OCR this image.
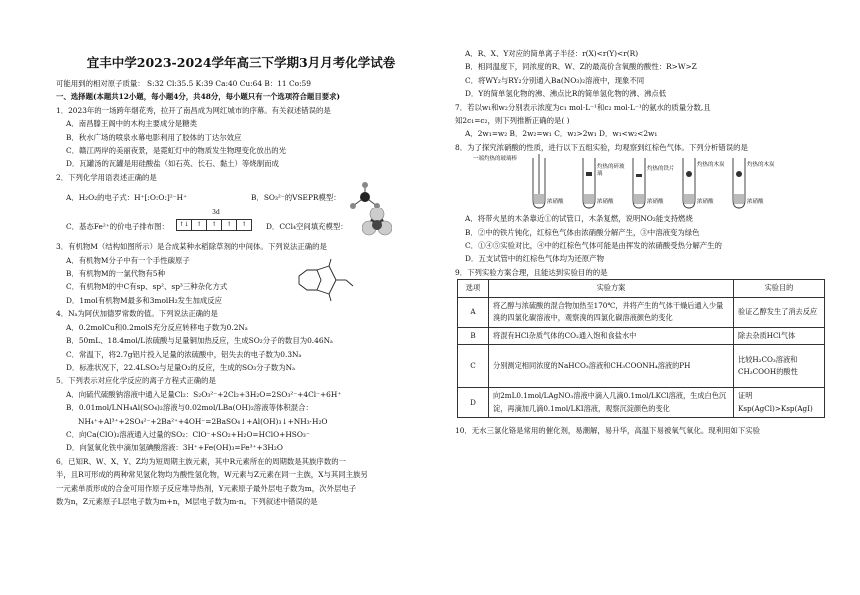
宜丰中学2023-2024学年高三下学期3月月考化学试卷

可能用到的相对原子质量： S:32 Cl:35.5 K:39 Ca:40 Cu:64 B：11 Co:59

一、选择题(本题共12小题，每小题4分，共48分，每小题只有一个选项符合题目要求)

1．2023年的一场跨年烟花秀，拉开了南昌成为网红城市的序幕。有关叙述错误的是

A．南昌滕王阁中的木构主要成分是糖类

B．秋水广场的喷泉水幕电影利用了胶体的丁达尔效应

C．赣江两岸的美丽夜景，是霓虹灯中的物质发生物理变化放出的光

D．瓦罐汤的瓦罐是用硅酸盐（如石英、长石、黏土）等烧制而成

2．下列化学用语表述正确的是

A．H₂O₂的电子式：H⁺[:O:O:]²⁻H⁺	B．SO₃²⁻的VSEPR模型：
C．基态Fe²⁺的价电子排布图：
3d
↑↓	↑	↑	↑	↑	D．CCl₄空间填充模型：

3．有机物M（结构如图所示）是合成某种水稻除草剂的中间体。下列说法正确的是

A．有机物M分子中有一个手性碳原子

B．有机物M的一氯代物有5种

C．有机物M的中C有sp、sp²、sp³三种杂化方式

D．1mol有机物M最多和3molH₂发生加成反应

4．Nₐ为阿伏加德罗常数的值。下列说法正确的是

A．0.2molCu和0.2molS充分反应转移电子数为0.2Nₐ

B．50mL、18.4mol/L浓硫酸与足量铜加热反应，生成SO₂分子的数目为0.46Nₐ

C．常温下，将2.7g铝片投入足量的浓硫酸中，铝失去的电子数为0.3Nₐ

D．标准状况下，22.4LSO₂与足量O₂的反应，生成的SO₃分子数为Nₐ

5．下列表示对应化学反应的离子方程式正确的是

A．向硫代硫酸钠溶液中通入足量Cl₂：S₂O₃²⁻+2Cl₂+3H₂O=2SO₃²⁻+4Cl⁻+6H⁺

B．0.01mol/LNH₄Al(SO₄)₂溶液与0.02mol/LBa(OH)₂溶液等体积混合：

NH₄⁺+Al³⁺+2SO₄²⁻+2Ba²⁺+4OH⁻=2BaSO₄↓+Al(OH)₃↓+NH₃·H₂O

C．向Ca(ClO)₂溶液通入过量的SO₂：ClO⁻+SO₂+H₂O=HClO+HSO₃⁻

D．向氢氧化铁中滴加氢碘酸溶液：3H⁺+Fe(OH)₃=Fe³⁺+3H₂O

6．已知R、W、X、Y、Z均为短周期主族元素，其中R元素所在的周期数是其族序数的一

半，且R可形成的两种常见氢化物均为酸性氢化物，W元素与Z元素在同一主族，X与其同主族另

一元素单质形成的合金可用作原子反应堆导热剂，Y元素原子最外层电子数为m，次外层电子

数为n，Z元素原子L层电子数为m+n，M层电子数为m-n。下列叙述中错误的是

A．R、X、Y对应的简单离子半径：r(X)<r(Y)<r(R)

B．相同温度下，同浓度的R、W、Z的最高价含氧酸的酸性：R>W>Z

C．将WY₂与RY₂分别通入Ba(NO₃)₂溶液中，现象不同

D．Y的简单氢化物的沸、沸点比R的简单氢化物的沸、沸点低

7．若以w₁和w₂分别表示浓度为c₁ mol·L⁻¹和c₂ mol·L⁻¹的氨水的质量分数,且

知2c₁=c₂，则下列推断正确的是( )

A．2w₁=w₂ B．2w₂=w₁ C．w₂>2w₁ D．w₁<w₂<2w₁

8．为了探究浓硝酸的性质，进行以下五组实验，均观察到红棕色气体。下列分析错误的是

一端灼热的玻璃棒
浓硝酸
灼热的碎玻璃
浓硝酸
灼热的铁片
浓硝酸
灼热的木炭
浓硝酸
灼热的木炭
浓硝酸

A．将带火星的木条靠近①的试管口，木条复燃，说明NO₂能支持燃烧

B．②中的铁片钝化，红棕色气体由浓硝酸分解产生，③中溶液变为绿色

C．①④⑤实验对比，④中的红棕色气体可能是由挥发的浓硝酸受热分解产生的

D．五支试管中的红棕色气体均为还原产物

9．下列实验方案合理，且能达到实验目的的是

选项	实验方案	实验目的
A	将乙醇与浓硫酸的混合物加热至170℃，并将产生的气体干燥后通入少量溴的四氯化碳溶液中，观察溴的四氯化碳溶液颜色的变化	验证乙醇发生了消去反应
B	将混有HCl杂质气体的CO₂通入饱和食盐水中	除去杂质HCl气体
C	分别测定相同浓度的NaHCO₃溶液和CH₃COONH₄溶液的PH	比较H₂CO₃溶液和CH₃COOH的酸性
D	向2mL0.1mol/LAgNO₃溶液中滴入几滴0.1mol/LKCl溶液，生成白色沉淀，再滴加几滴0.1mol/LKI溶液，观察沉淀颜色的变化	证明 Ksp(AgCl)>Ksp(AgI)

10．无水三氯化铬是常用的催化剂，易潮解，易升华，高温下易被氧气氧化。现利用如下实验
